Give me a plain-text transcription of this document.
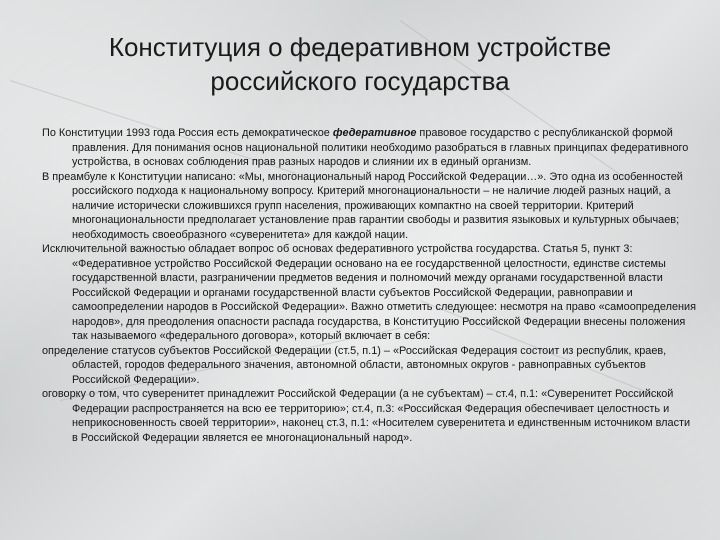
Конституция о федеративном устройстве
российского государства

По Конституции 1993 года Россия есть демократическое федеративное правовое государство с республиканской формой правления. Для понимания основ национальной политики необходимо разобраться в главных принципах федеративного устройства, в основах соблюдения прав разных народов и слиянии их в единый организм.

В преамбуле к Конституции написано: «Мы, многонациональный народ Российской Федерации…». Это одна из особенностей российского подхода к национальному вопросу. Критерий многонациональности – не наличие людей разных наций, а наличие исторически сложившихся групп населения, проживающих компактно на своей территории. Критерий многонациональности предполагает установление прав гарантии свободы и развития языковых и культурных обычаев; необходимость своеобразного «суверенитета» для каждой нации.

Исключительной важностью обладает вопрос об основах федеративного устройства государства. Статья 5, пункт 3: «Федеративное устройство Российской Федерации основано на ее государственной целостности, единстве системы государственной власти, разграничении предметов ведения и полномочий между органами государственной власти Российской Федерации и органами государственной власти субъектов Российской Федерации, равноправии и самоопределении народов в Российской Федерации». Важно отметить следующее: несмотря на право «самоопределения народов», для преодоления опасности распада государства, в Конституцию Российской Федерации внесены положения так называемого «федерального договора», который включает в себя:

определение статусов субъектов Российской Федерации (ст.5, п.1) – «Российская Федерация состоит из республик, краев, областей, городов федерального значения, автономной области, автономных округов - равноправных субъектов Российской Федерации».

оговорку о том, что суверенитет принадлежит Российской Федерации (а не субъектам) – ст.4, п.1: «Суверенитет Российской Федерации распространяется на всю ее территорию»; ст.4, п.3: «Российская Федерация обеспечивает целостность и неприкосновенность своей территории», наконец ст.3, п.1: «Носителем суверенитета и единственным источником власти в Российской Федерации является ее многонациональный народ».
